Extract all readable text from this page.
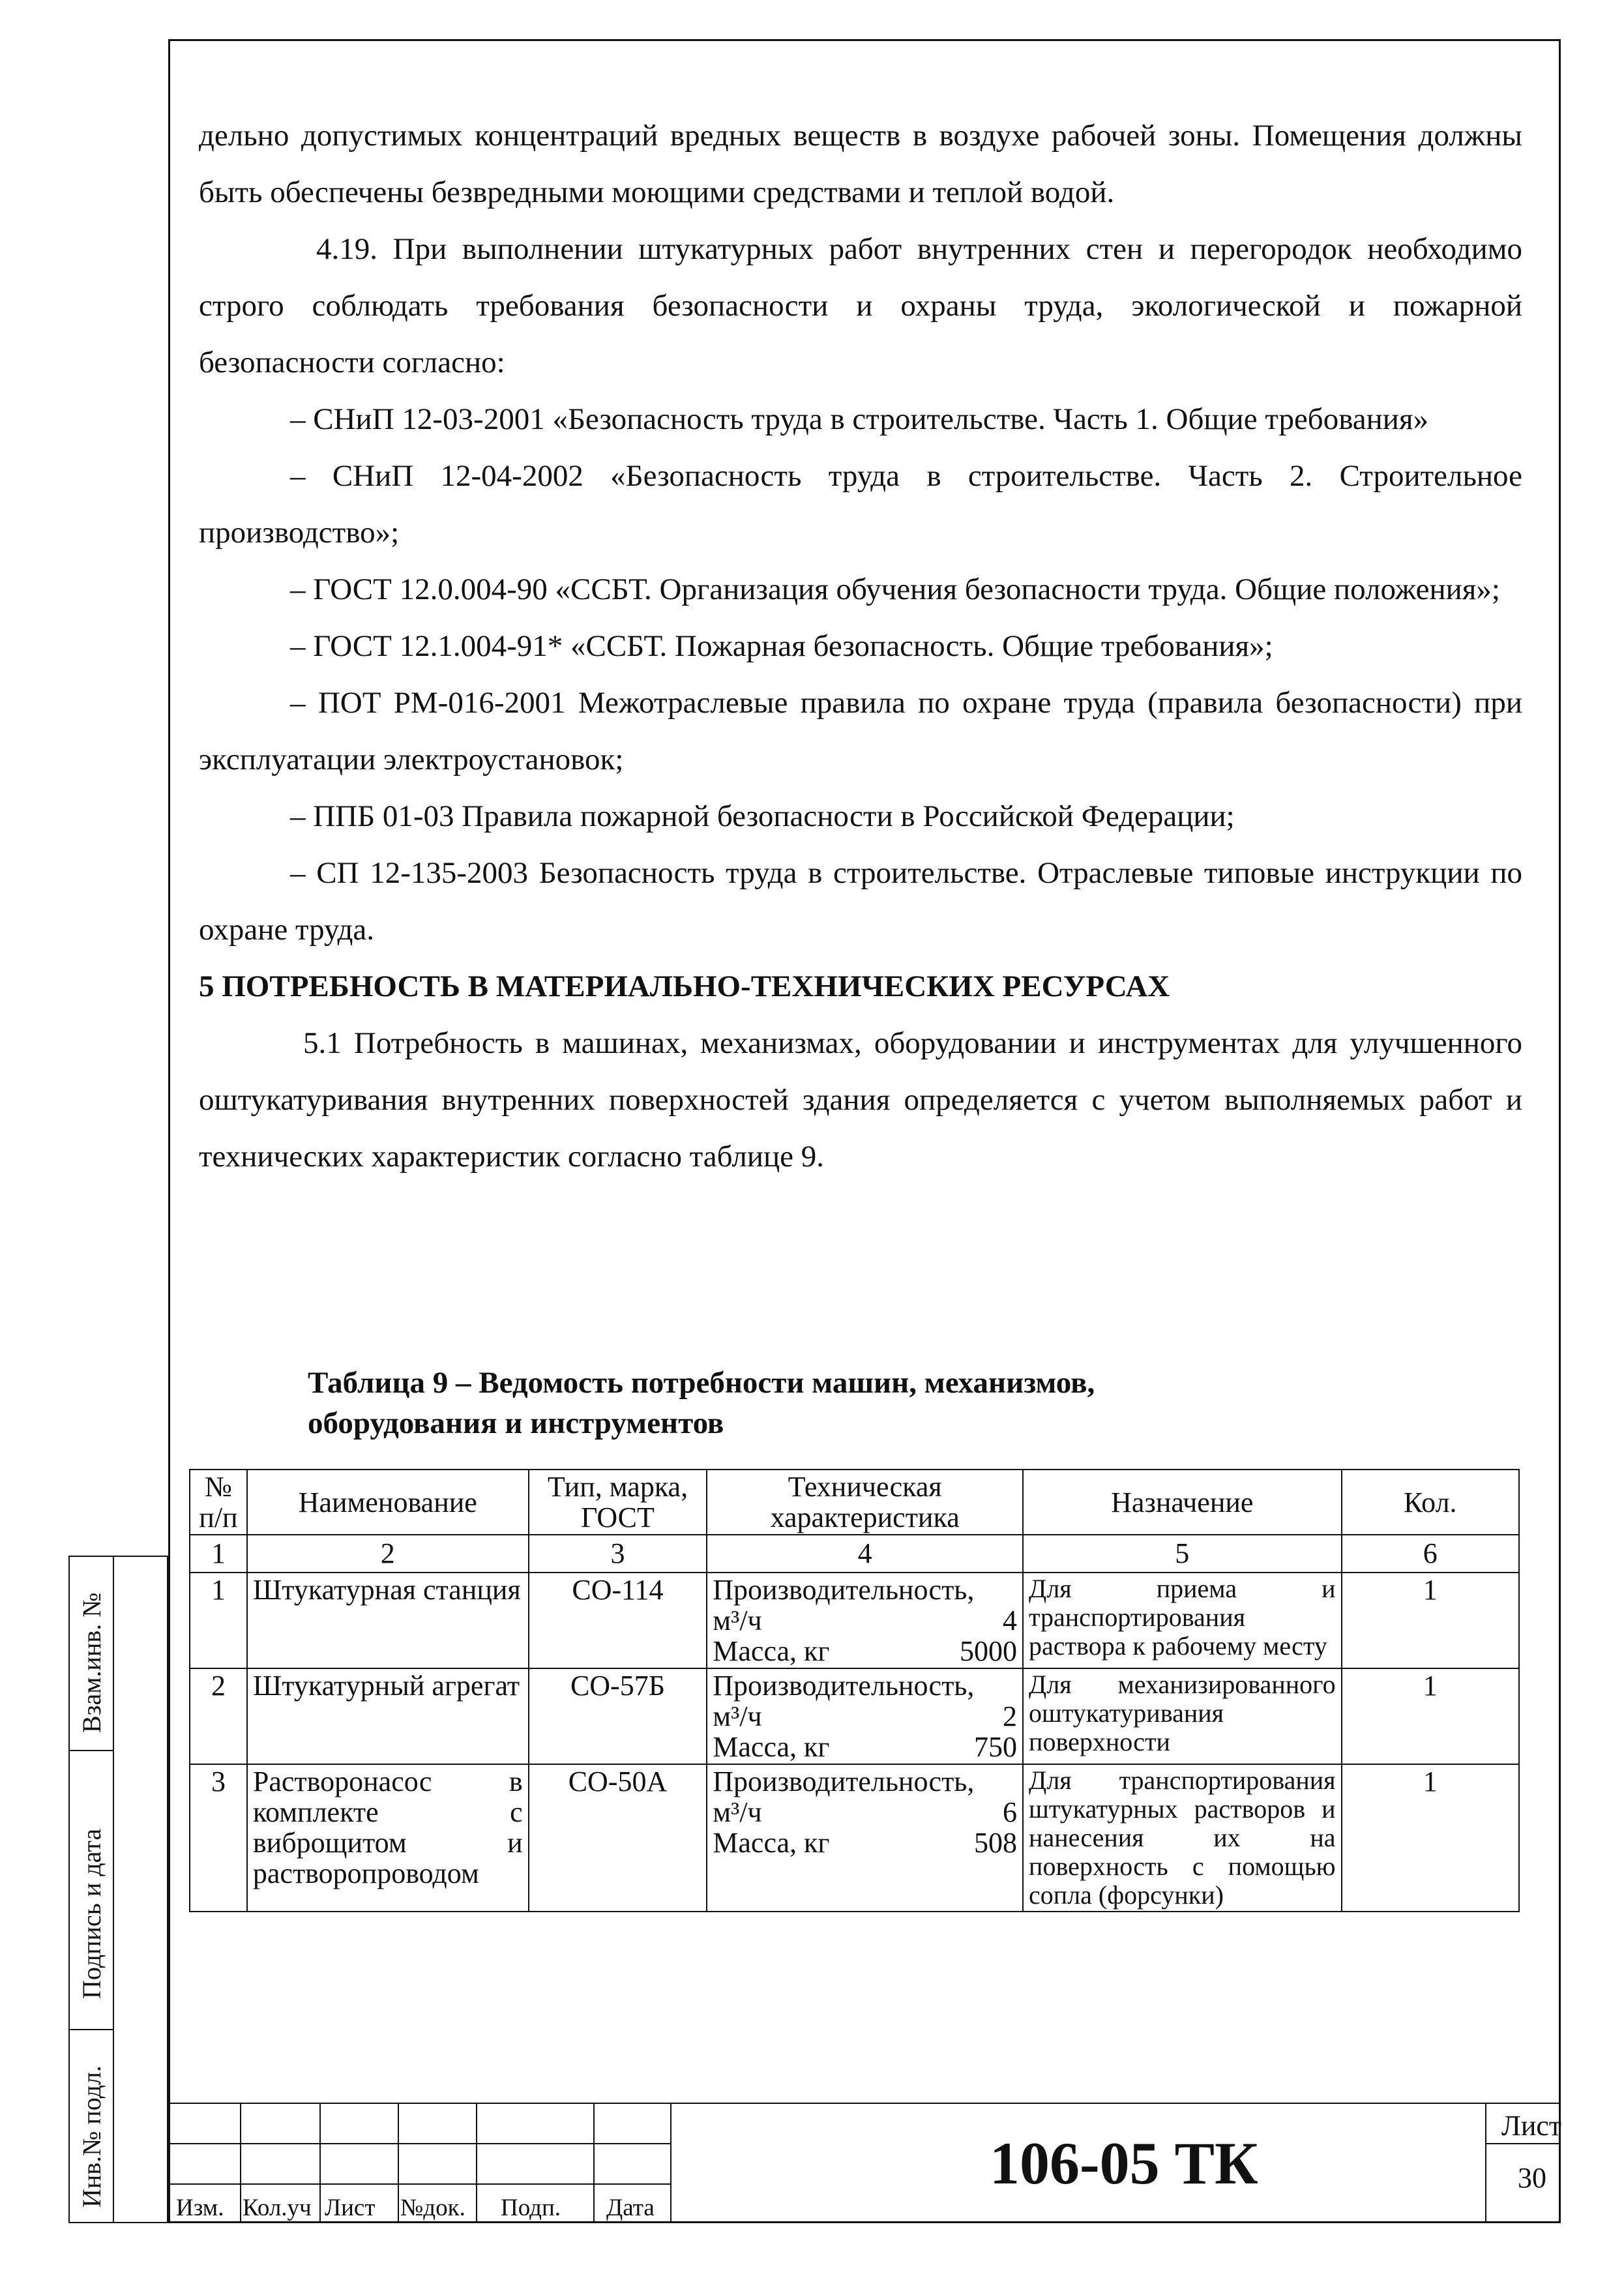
дельно допустимых концентраций вредных веществ в воздухе рабочей зоны. Помещения должны быть обеспечены безвредными моющими средствами и теплой водой.

4.19. При выполнении штукатурных работ внутренних стен и перегородок необходимо строго соблюдать требования безопасности и охраны труда, экологической и пожарной безопасности согласно:

– СНиП 12-03-2001 «Безопасность труда в строительстве. Часть 1. Общие требования»

– СНиП 12-04-2002 «Безопасность труда в строительстве. Часть 2. Строительное производство»;

– ГОСТ 12.0.004-90 «ССБТ. Организация обучения безопасности труда. Общие положения»;

– ГОСТ 12.1.004-91* «ССБТ. Пожарная безопасность. Общие требования»;

– ПОТ РМ-016-2001 Межотраслевые правила по охране труда (правила безопасности) при эксплуатации электроустановок;

– ППБ 01-03 Правила пожарной безопасности в Российской Федерации;

– СП 12-135-2003 Безопасность труда в строительстве. Отраслевые типовые инструкции по охране труда.

5 ПОТРЕБНОСТЬ В МАТЕРИАЛЬНО-ТЕХНИЧЕСКИХ РЕСУРСАХ

5.1 Потребность в машинах, механизмах, оборудовании и инструментах для улучшенного оштукатуривания внутренних поверхностей здания определяется с учетом выполняемых работ и технических характеристик согласно таблице 9.

Таблица 9 – Ведомость потребности машин, механизмов,
оборудования и инструментов
№ п/п	Наименование	Тип, марка, ГОСТ	Техническая характеристика	Назначение	Кол.
1	2	3	4	5	6
1	Штукатурная станция	СО-114	Производительность,
м³/ч 4
Масса, кг 5000	Для приема и транспортирования раствора к рабочему месту	1
2	Штукатурный агрегат	СО-57Б	Производительность,
м³/ч 2
Масса, кг 750	Для механизированного оштукатуривания поверхности	1
3	Растворонасос в комплекте с виброщитом и растворопроводом	СО-50А	Производительность,
м³/ч 6
Масса, кг 508	Для транспортирования штукатурных растворов и нанесения их на поверхность с помощью сопла (форсунки)	1
Взам.инв. №
Подпись и дата
Инв.№ подл.
Изм. Кол.уч Лист №док. Подп. Дата
106-05 ТК
Лист
30
